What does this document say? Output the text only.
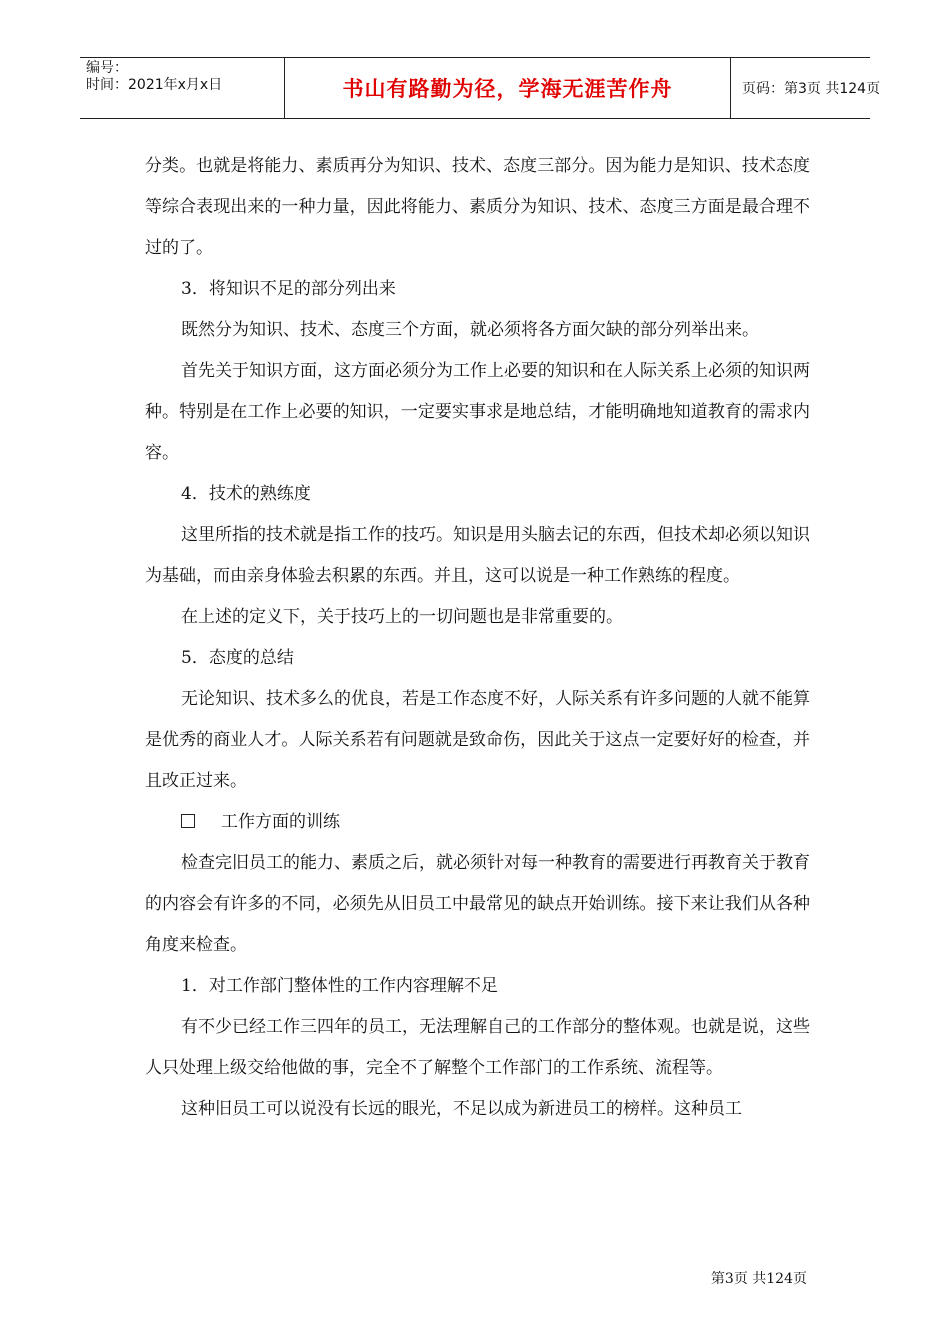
编号：
时间：2021年x月x日	书山有路勤为径，学海无涯苦作舟	页码：第3页 共124页

分类。也就是将能力、素质再分为知识、技术、态度三部分。因为能力是知识、技术态度等综合表现出来的一种力量，因此将能力、素质分为知识、技术、态度三方面是最合理不过的了。

3．将知识不足的部分列出来

既然分为知识、技术、态度三个方面，就必须将各方面欠缺的部分列举出来。

首先关于知识方面，这方面必须分为工作上必要的知识和在人际关系上必须的知识两种。特别是在工作上必要的知识，一定要实事求是地总结，才能明确地知道教育的需求内容。

4．技术的熟练度

这里所指的技术就是指工作的技巧。知识是用头脑去记的东西，但技术却必须以知识为基础，而由亲身体验去积累的东西。并且，这可以说是一种工作熟练的程度。

在上述的定义下，关于技巧上的一切问题也是非常重要的。

5．态度的总结

无论知识、技术多么的优良，若是工作态度不好，人际关系有许多问题的人就不能算是优秀的商业人才。人际关系若有问题就是致命伤，因此关于这点一定要好好的检查，并且改正过来。

工作方面的训练

检查完旧员工的能力、素质之后，就必须针对每一种教育的需要进行再教育关于教育的内容会有许多的不同，必须先从旧员工中最常见的缺点开始训练。接下来让我们从各种角度来检查。

1．对工作部门整体性的工作内容理解不足

有不少已经工作三四年的员工，无法理解自己的工作部分的整体观。也就是说，这些人只处理上级交给他做的事，完全不了解整个工作部门的工作系统、流程等。

这种旧员工可以说没有长远的眼光，不足以成为新进员工的榜样。这种员工

第3页 共124页
